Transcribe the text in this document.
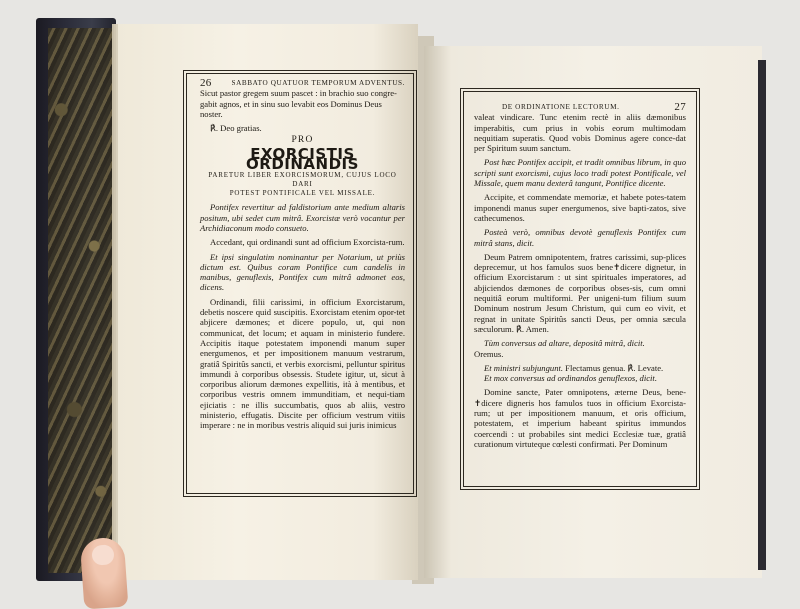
26	SABBATO QUATUOR TEMPORUM ADVENTUS.

Sicut pastor gregem suum pascet : in brachio suo congre-

gabit agnos, et in sinu suo levabit eos Dominus Deus

noster.

℟. Deo gratias.

PRO

EXORCISTIS ORDINANDIS

PARETUR LIBER EXORCISMORUM, CUJUS LOCO DARI

POTEST PONTIFICALE VEL MISSALE.

Pontifex revertitur ad faldistorium ante medium altaris positum, ubi sedet cum mitrâ. Exorcistæ verò vocantur per Archidiaconum modo consueto.

Accedant, qui ordinandi sunt ad officium Exorcista-rum.

Et ipsi singulatim nominantur per Notarium, ut priùs dictum est. Quibus coram Pontifice cum candelis in manibus, genuflexis, Pontifex cum mitrâ admonet eos, dicens.

Ordinandi, filii carissimi, in officium Exorcistarum, debetis noscere quid suscipitis. Exorcistam etenim opor-tet abjicere dæmones; et dicere populo, ut, qui non communicat, det locum; et aquam in ministerio fundere. Accipitis itaque potestatem imponendi manum super energumenos, et per impositionem manuum vestrarum, gratiâ Spiritûs sancti, et verbis exorcismi, pelluntur spiritus immundi à corporibus obsessis. Studete igitur, ut, sicut à corporibus aliorum dæmones expellitis, ità à mentibus, et corporibus vestris omnem immunditiam, et nequi-tiam ejiciatis : ne illis succumbatis, quos ab aliis, vestro ministerio, effugatis. Discite per officium vestrum vitiis imperare : ne in moribus vestris aliquid sui juris inimicus

DE ORDINATIONE LECTORUM.	27

valeat vindicare. Tunc etenim rectè in aliis dæmonibus imperabitis, cum prius in vobis eorum multimodam nequitiam superatis. Quod vobis Dominus agere conce-dat per Spiritum suum sanctum.

Post hæc Pontifex accipit, et tradit omnibus librum, in quo scripti sunt exorcismi, cujus loco tradi potest Pontificale, vel Missale, quem manu dexterâ tangunt, Pontifice dicente.

Accipite, et commendate memoriæ, et habete potes-tatem imponendi manus super energumenos, sive bapti-zatos, sive cathecumenos.

Posteà verò, omnibus devotè genuflexis Pontifex cum mitrâ stans, dicit.

Deum Patrem omnipotentem, fratres carissimi, sup-plices deprecemur, ut hos famulos suos bene✝dicere dignetur, in officium Exorcistarum : ut sint spirituales imperatores, ad abjiciendos dæmones de corporibus obses-sis, cum omni nequitiâ eorum multiformi. Per unigeni-tum filium suum Dominum nostrum Jesum Christum, qui cum eo vivit, et regnat in unitate Spiritûs sancti Deus, per omnia sæcula sæculorum. ℟. Amen.

Tùm conversus ad altare, depositâ mitrâ, dicit.

Oremus.

Et ministri subjungunt. Flectamus genua. ℟. Levate.

Et mox conversus ad ordinandos genuflexos, dicit.

Domine sancte, Pater omnipotens, æterne Deus, bene-✝dicere digneris hos famulos tuos in officium Exorcista-rum; ut per impositionem manuum, et oris officium, potestatem, et imperium habeant spiritus immundos coercendi : ut probabiles sint medici Ecclesiæ tuæ, gratiâ curationum virtuteque cœlesti confirmati. Per Dominum
